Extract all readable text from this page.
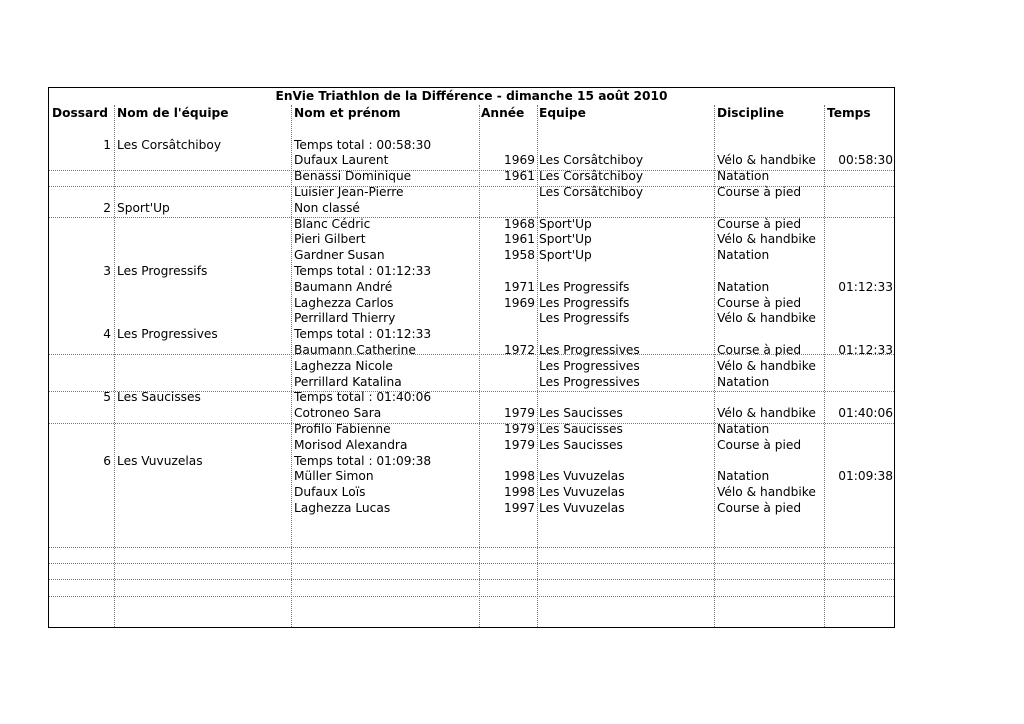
EnVie Triathlon de la Différence - dimanche 15 août 2010
Dossard Nom de l'équipe	Nom et prénom	Année Equipe	Discipline	Temps
1 Les Corsâtchiboy	Temps total : 00:58:30
Dufaux Laurent	1969 Les Corsâtchiboy	Vélo & handbike	00:58:30
Benassi Dominique	1961 Les Corsâtchiboy	Natation
Luisier Jean-Pierre	Les Corsâtchiboy	Course à pied
2 Sport'Up	Non classé
Blanc Cédric	1968 Sport'Up	Course à pied
Pieri Gilbert	1961 Sport'Up	Vélo & handbike
Gardner Susan	1958 Sport'Up	Natation
3 Les Progressifs	Temps total : 01:12:33
Baumann André	1971 Les Progressifs	Natation	01:12:33
Laghezza Carlos	1969 Les Progressifs	Course à pied
Perrillard Thierry	Les Progressifs	Vélo & handbike
4 Les Progressives	Temps total : 01:12:33
Baumann Catherine	1972 Les Progressives	Course à pied	01:12:33
Laghezza Nicole	Les Progressives	Vélo & handbike
Perrillard Katalina	Les Progressives	Natation
5 Les Saucisses	Temps total : 01:40:06
Cotroneo Sara	1979 Les Saucisses	Vélo & handbike	01:40:06
Profilo Fabienne	1979 Les Saucisses	Natation
Morisod Alexandra	1979 Les Saucisses	Course à pied
6 Les Vuvuzelas	Temps total : 01:09:38
Müller Simon	1998 Les Vuvuzelas	Natation	01:09:38
Dufaux Loïs	1998 Les Vuvuzelas	Vélo & handbike
Laghezza Lucas	1997 Les Vuvuzelas	Course à pied
